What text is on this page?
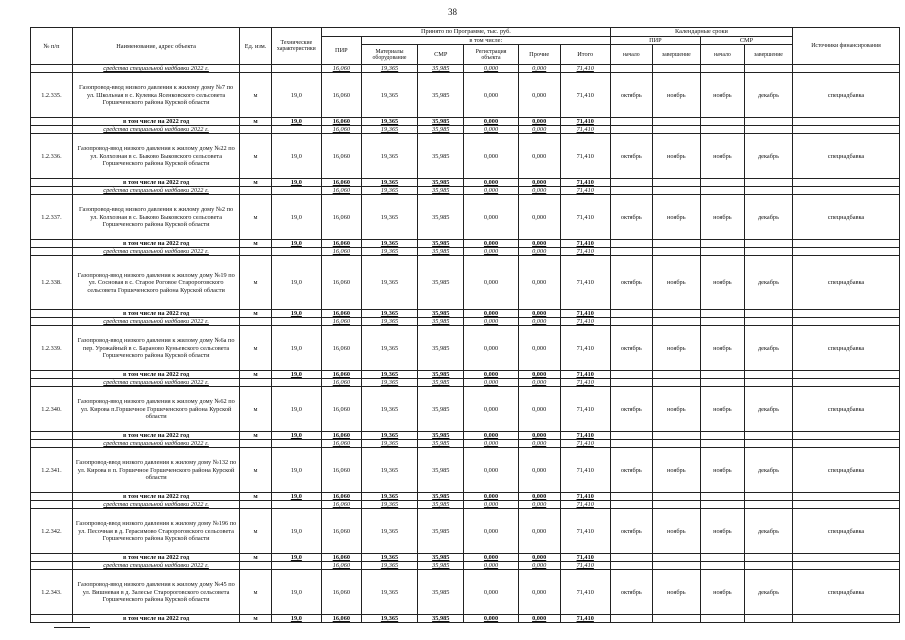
38
№ п/п	Наименование, адрес объекта	Ед. изм.	Технические характеристики	Принято по Программе, тыс. руб.						Календарные сроки				Источники финансирования
				ПИР	в том числе:					ПИР		СМР		
					Материалы оборудование	СМР	Регистрация объекта	Прочие	Итого	начало	завершение	начало	завершение	

	средства специальной надбавки 2022 г.			16,060	19,365	35,985	0,000	0,000	71,410					
1.2.335.	Газопровод-ввод низкого давления к жилому дому №7 по ул. Школьная в с. Кулевка Ясенковского сельсовета Горшеченского района Курской области	м	19,0	16,060	19,365	35,985	0,000	0,000	71,410	октябрь	ноябрь	ноябрь	декабрь	спецнадбавка
	в том числе на 2022 год	м	19,0	16,060	19,365	35,985	0,000	0,000	71,410					
	средства специальной надбавки 2022 г.			16,060	19,365	35,985	0,000	0,000	71,410					
1.2.336.	Газопровод-ввод низкого давления к жилому дому №22 по ул. Колхозная в с. Быково Быковского сельсовета Горшеченского района Курской области	м	19,0	16,060	19,365	35,985	0,000	0,000	71,410	октябрь	ноябрь	ноябрь	декабрь	спецнадбавка
	в том числе на 2022 год	м	19,0	16,060	19,365	35,985	0,000	0,000	71,410					
	средства специальной надбавки 2022 г.			16,060	19,365	35,985	0,000	0,000	71,410					
1.2.337.	Газопровод-ввод низкого давления к жилому дому №2 по ул. Колхозная в с. Быково Быковского сельсовета Горшеченского района Курской области	м	19,0	16,060	19,365	35,985	0,000	0,000	71,410	октябрь	ноябрь	ноябрь	декабрь	спецнадбавка
	в том числе на 2022 год	м	19,0	16,060	19,365	35,985	0,000	0,000	71,410					
	средства специальной надбавки 2022 г.			16,060	19,365	35,985	0,000	0,000	71,410					
1.2.338.	Газопровод-ввод низкого давления к жилому дому №19 по ул. Сосновая в с. Старое Роговое Старороговского сельсовета Горшеченского района Курской области	м	19,0	16,060	19,365	35,985	0,000	0,000	71,410	октябрь	ноябрь	ноябрь	декабрь	спецнадбавка
	в том числе на 2022 год	м	19,0	16,060	19,365	35,985	0,000	0,000	71,410					
	средства специальной надбавки 2022 г.			16,060	19,365	35,985	0,000	0,000	71,410					
1.2.339.	Газопровод-ввод низкого давления к жилому дому №6а по пер. Урожайный в с. Бараново Куньевского сельсовета Горшеченского района Курской области	м	19,0	16,060	19,365	35,985	0,000	0,000	71,410	октябрь	ноябрь	ноябрь	декабрь	спецнадбавка
	в том числе на 2022 год	м	19,0	16,060	19,365	35,985	0,000	0,000	71,410					
	средства специальной надбавки 2022 г.			16,060	19,365	35,985	0,000	0,000	71,410					
1.2.340.	Газопровод-ввод низкого давления к жилому дому №62 по ул. Кирова п.Горшечное Горшеченского района Курской области	м	19,0	16,060	19,365	35,985	0,000	0,000	71,410	октябрь	ноябрь	ноябрь	декабрь	спецнадбавка
	в том числе на 2022 год	м	19,0	16,060	19,365	35,985	0,000	0,000	71,410					
	средства специальной надбавки 2022 г.			16,060	19,365	35,985	0,000	0,000	71,410					
1.2.341.	Газопровод-ввод низкого давления к жилому дому №132 по ул. Кирова в п. Горшечное Горшеченского района Курской области	м	19,0	16,060	19,365	35,985	0,000	0,000	71,410	октябрь	ноябрь	ноябрь	декабрь	спецнадбавка
	в том числе на 2022 год	м	19,0	16,060	19,365	35,985	0,000	0,000	71,410					
	средства специальной надбавки 2022 г.			16,060	19,365	35,985	0,000	0,000	71,410					
1.2.342.	Газопровод-ввод низкого давления к жилому дому №196 по ул. Песочная в д. Герасимово Старороговского сельсовета Горшеченского района Курской области	м	19,0	16,060	19,365	35,985	0,000	0,000	71,410	октябрь	ноябрь	ноябрь	декабрь	спецнадбавка
	в том числе на 2022 год	м	19,0	16,060	19,365	35,985	0,000	0,000	71,410					
	средства специальной надбавки 2022 г.			16,060	19,365	35,985	0,000	0,000	71,410					
1.2.343.	Газопровод-ввод низкого давления к жилому дому №45 по ул. Вишневая в д. Залесье Старороговского сельсовета Горшеченского района Курской области	м	19,0	16,060	19,365	35,985	0,000	0,000	71,410	октябрь	ноябрь	ноябрь	декабрь	спецнадбавка
	в том числе на 2022 год	м	19,0	16,060	19,365	35,985	0,000	0,000	71,410					
